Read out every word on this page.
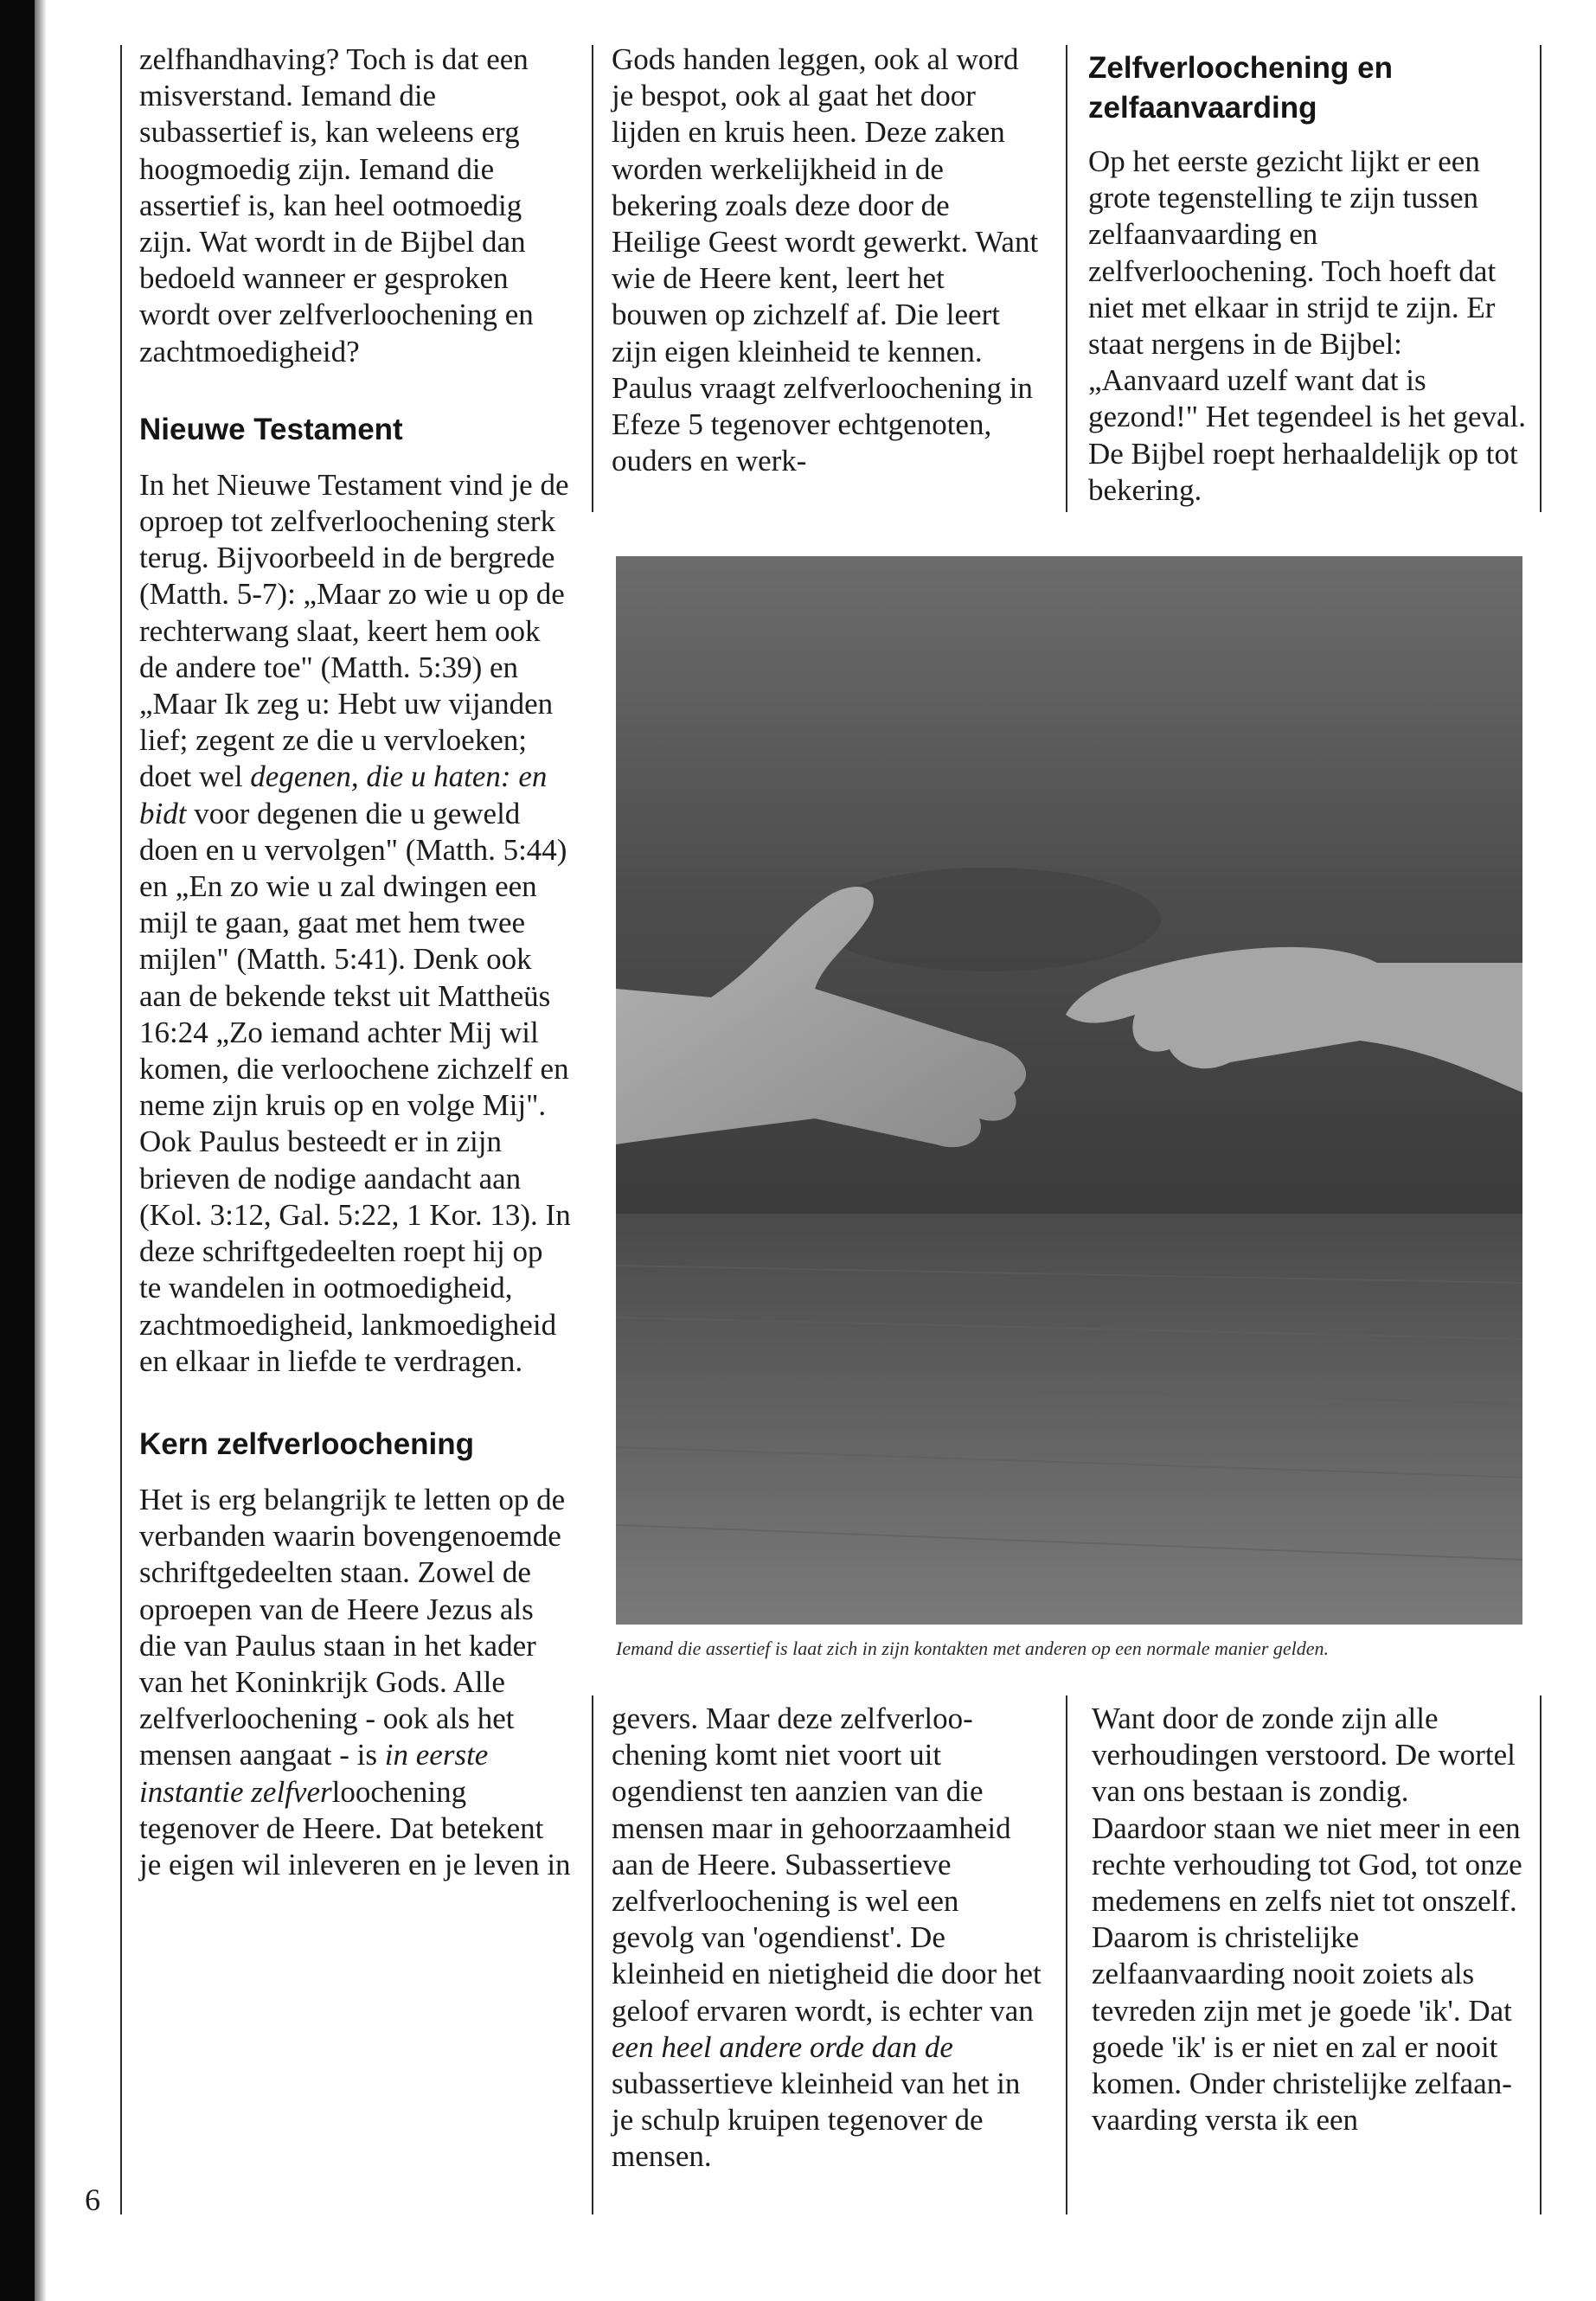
zelfhandhaving? Toch is dat een misverstand. Iemand die subassertief is, kan weleens erg hoogmoedig zijn. Iemand die assertief is, kan heel ootmoedig zijn. Wat wordt in de Bijbel dan bedoeld wanneer er gesproken wordt over zelfverloochening en zachtmoedigheid?

Nieuwe Testament

In het Nieuwe Testament vind je de oproep tot zelfverloochening sterk terug. Bijvoorbeeld in de bergrede (Matth. 5-7): „Maar zo wie u op de rechterwang slaat, keert hem ook de andere toe" (Matth. 5:39) en „Maar Ik zeg u: Hebt uw vijanden lief; zegent ze die u vervloeken; doet wel degenen, die u haten: en bidt voor degenen die u geweld doen en u vervolgen" (Matth. 5:44) en „En zo wie u zal dwingen een mijl te gaan, gaat met hem twee mijlen" (Matth. 5:41). Denk ook aan de bekende tekst uit Mattheüs 16:24 „Zo iemand achter Mij wil komen, die verloochene zichzelf en neme zijn kruis op en volge Mij".

Ook Paulus besteedt er in zijn brieven de nodige aandacht aan (Kol. 3:12, Gal. 5:22, 1 Kor. 13). In deze schriftgedeelten roept hij op te wandelen in ootmoedigheid, zachtmoedigheid, lankmoedigheid en elkaar in liefde te verdragen.

Kern zelfverloochening

Het is erg belangrijk te letten op de verbanden waarin bovengenoemde schriftgedeelten staan. Zowel de oproepen van de Heere Jezus als die van Paulus staan in het kader van het Koninkrijk Gods. Alle zelfverloochening - ook als het mensen aangaat - is in eerste instantie zelfverloochening tegenover de Heere. Dat betekent je eigen wil inleveren en je leven in

Gods handen leggen, ook al word je bespot, ook al gaat het door lijden en kruis heen. Deze zaken worden werkelijkheid in de bekering zoals deze door de Heilige Geest wordt gewerkt. Want wie de Heere kent, leert het bouwen op zichzelf af. Die leert zijn eigen kleinheid te kennen. Paulus vraagt zelfverloochening in Efeze 5 tegenover echtgenoten, ouders en werk-

Zelfverloochening en zelfaanvaarding

Op het eerste gezicht lijkt er een grote tegenstelling te zijn tussen zelfaanvaarding en zelfverloochening. Toch hoeft dat niet met elkaar in strijd te zijn. Er staat nergens in de Bijbel: „Aanvaard uzelf want dat is gezond!" Het tegendeel is het geval. De Bijbel roept herhaaldelijk op tot bekering.

Iemand die assertief is laat zich in zijn kontakten met anderen op een normale manier gelden.

gevers. Maar deze zelfverloochening komt niet voort uit ogendienst ten aanzien van die mensen maar in gehoorzaamheid aan de Heere. Subassertieve zelfverloochening is wel een gevolg van 'ogendienst'. De kleinheid en nietigheid die door het geloof ervaren wordt, is echter van een heel andere orde dan de subassertieve kleinheid van het in je schulp kruipen tegenover de mensen.

Want door de zonde zijn alle verhoudingen verstoord. De wortel van ons bestaan is zondig. Daardoor staan we niet meer in een rechte verhouding tot God, tot onze medemens en zelfs niet tot onszelf. Daarom is christelijke zelfaanvaarding nooit zoiets als tevreden zijn met je goede 'ik'. Dat goede 'ik' is er niet en zal er nooit komen. Onder christelijke zelfaanvaarding versta ik een

6
